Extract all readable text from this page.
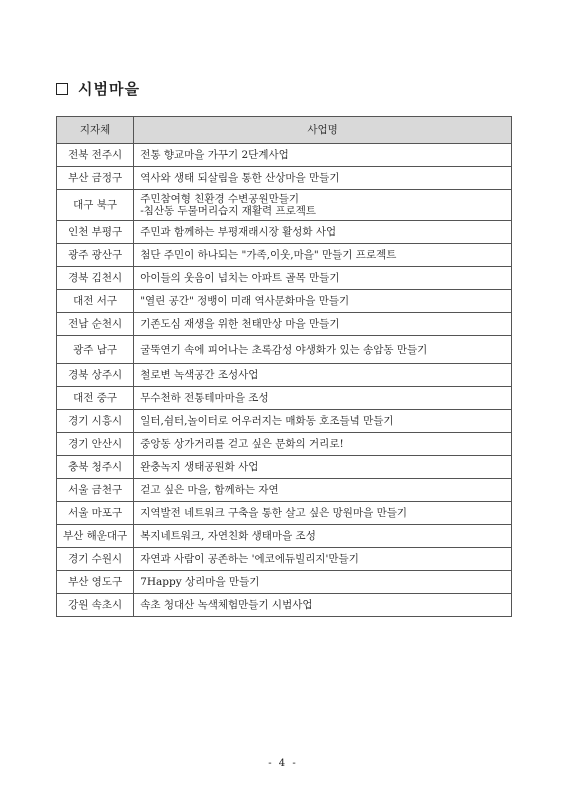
시범마을
지자체	사업명
전북 전주시	전통 향교마을 가꾸기 2단계사업
부산 금정구	역사와 생태 되살림을 통한 산상마을 만들기
대구 북구	주민참여형 친환경 수변공원만들기
-침산동 두물머리습지 재활력 프로젝트
인천 부평구	주민과 함께하는 부평재래시장 활성화 사업
광주 광산구	첨단 주민이 하나되는 "가족,이웃,마을" 만들기 프로젝트
경북 김천시	아이들의 웃음이 넘치는 아파트 골목 만들기
대전 서구	"열린 공간" 정뱅이 미래 역사문화마을 만들기
전남 순천시	기존도심 재생을 위한 천태만상 마을 만들기
광주 남구	굴뚝연기 속에 피어나는 초록감성 야생화가 있는 송암동 만들기
경북 상주시	철로변 녹색공간 조성사업
대전 중구	무수천하 전통테마마을 조성
경기 시흥시	일터,쉼터,놀이터로 어우러지는 매화동 호조들녘 만들기
경기 안산시	중앙동 상가거리를 걷고 싶은 문화의 거리로!
충북 청주시	완충녹지 생태공원화 사업
서울 금천구	걷고 싶은 마을, 함께하는 자연
서울 마포구	지역발전 네트워크 구축을 통한 살고 싶은 망원마을 만들기
부산 해운대구	복지네트워크, 자연친화 생태마을 조성
경기 수원시	자연과 사람이 공존하는 '에코에듀빌리지'만들기
부산 영도구	7Happy 상리마을 만들기
강원 속초시	속초 청대산 녹색체험만들기 시범사업
- 4 -
